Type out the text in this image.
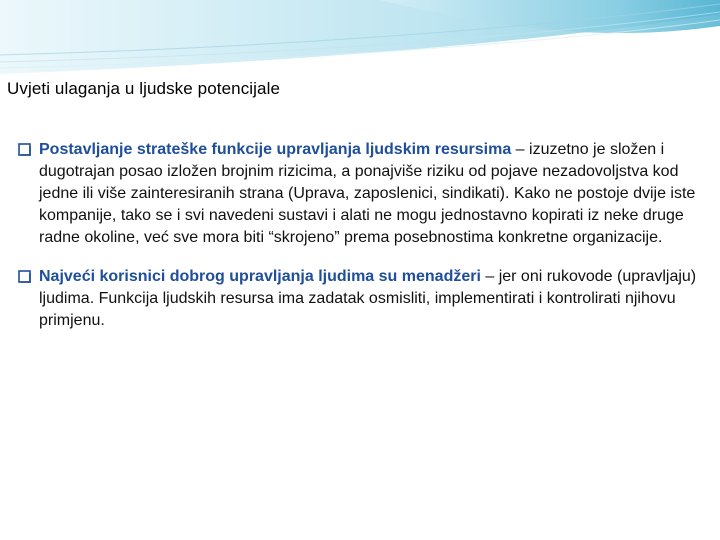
Uvjeti ulaganja u ljudske potencijale
Postavljanje strateške funkcije upravljanja ljudskim resursima – izuzetno je složen i dugotrajan posao izložen brojnim rizicima, a ponajviše riziku od pojave nezadovoljstva kod jedne ili više zainteresiranih strana (Uprava, zaposlenici, sindikati). Kako ne postoje dvije iste kompanije, tako se i svi navedeni sustavi i alati ne mogu jednostavno kopirati iz neke druge radne okoline, već sve mora biti “skrojeno” prema posebnostima konkretne organizacije.
Najveći korisnici dobrog upravljanja ljudima su menadžeri – jer oni rukovode (upravljaju) ljudima. Funkcija ljudskih resursa ima zadatak osmisliti, implementirati i kontrolirati njihovu primjenu.
